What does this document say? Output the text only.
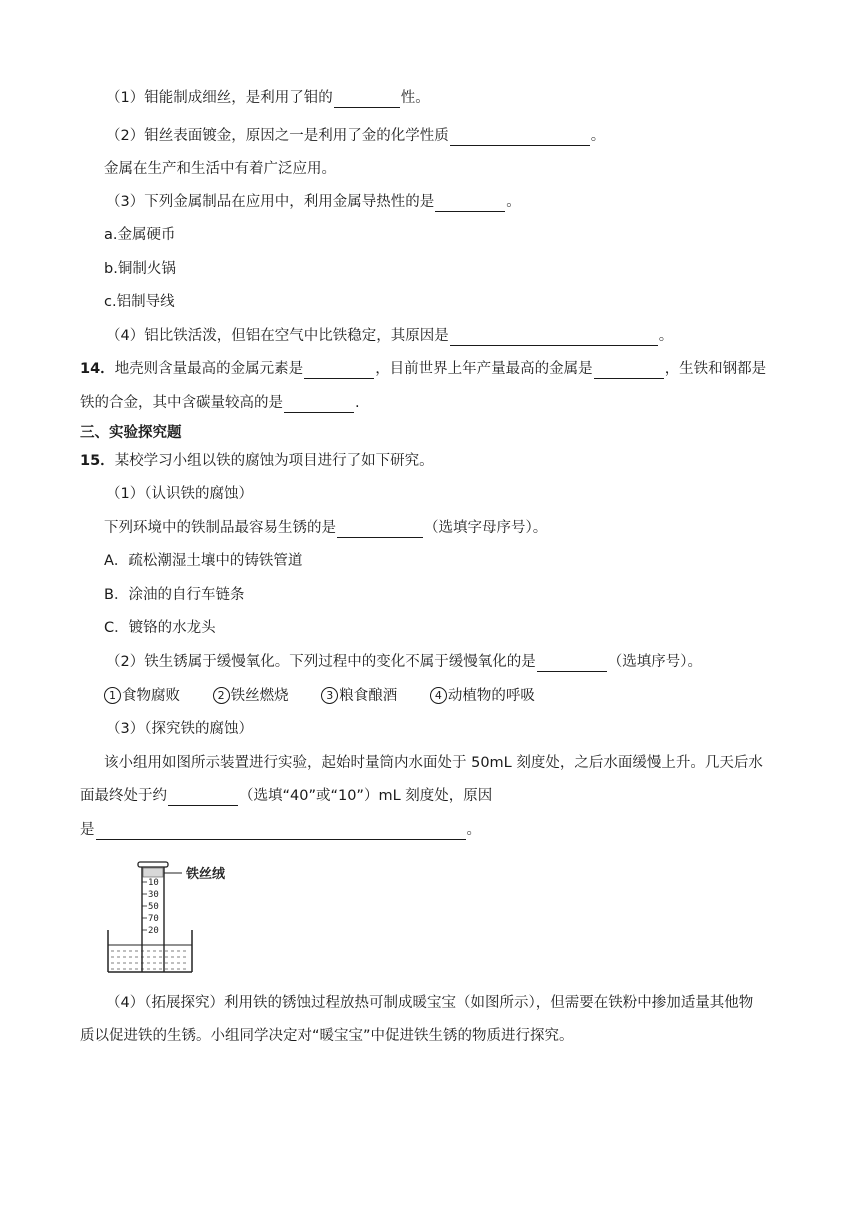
（1）钼能制成细丝，是利用了钼的	性。
（2）钼丝表面镀金，原因之一是利用了金的化学性质	。
金属在生产和生活中有着广泛应用。
（3）下列金属制品在应用中，利用金属导热性的是	。
a.金属硬币
b.铜制火锅
c.铝制导线
（4）铝比铁活泼，但铝在空气中比铁稳定，其原因是	。
14．地壳则含量最高的金属元素是	，目前世界上年产量最高的金属是	，生铁和钢都是
铁的合金，其中含碳量较高的是	.
三、实验探究题
15．某校学习小组以铁的腐蚀为项目进行了如下研究。
（1）（认识铁的腐蚀）
下列环境中的铁制品最容易生锈的是	（选填字母序号）。
A．疏松潮湿土壤中的铸铁管道
B．涂油的自行车链条
C．镀铬的水龙头
（2）铁生锈属于缓慢氧化。下列过程中的变化不属于缓慢氧化的是	（选填序号）。
1 食物腐败	2 铁丝燃烧	3 粮食酿酒	4 动植物的呼吸
（3）（探究铁的腐蚀）
该小组用如图所示装置进行实验，起始时量筒内水面处于 50mL 刻度处，之后水面缓慢上升。几天后水
面最终处于约	（选填“40”或“10”）mL 刻度处，原因
是	。
10
30
50
70
20
铁丝绒
（4）（拓展探究）利用铁的锈蚀过程放热可制成暖宝宝（如图所示），但需要在铁粉中掺加适量其他物
质以促进铁的生锈。小组同学决定对“暖宝宝”中促进铁生锈的物质进行探究。
